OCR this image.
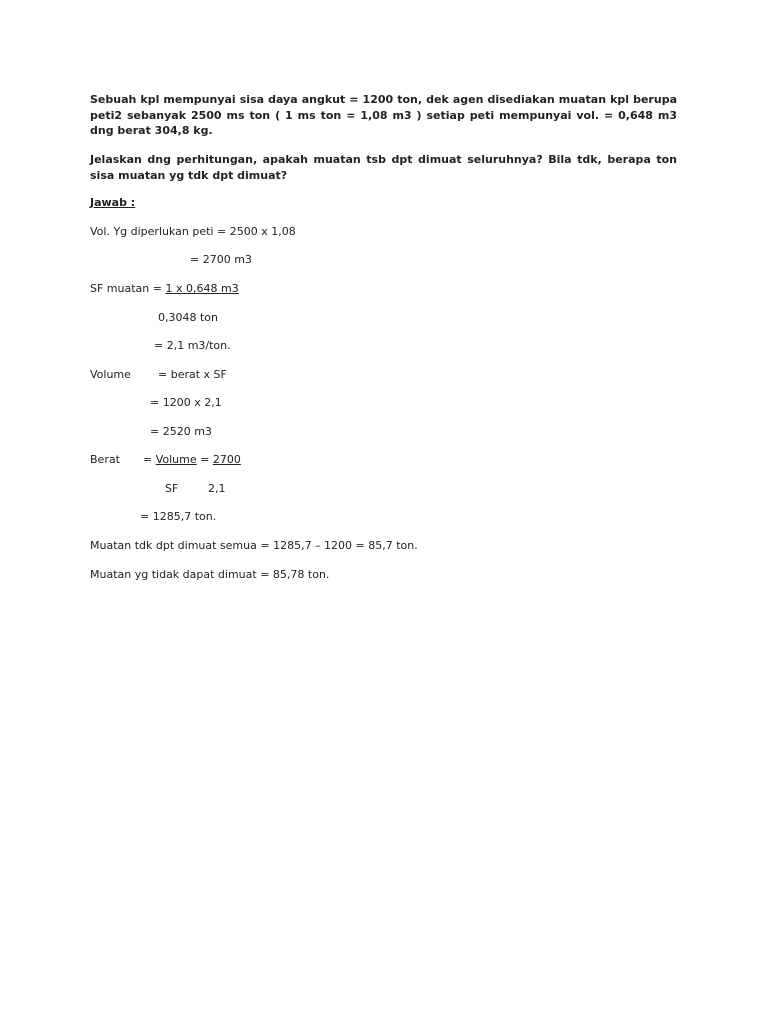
Sebuah kpl mempunyai sisa daya angkut = 1200 ton, dek agen disediakan muatan kpl berupa peti2 sebanyak 2500 ms ton ( 1 ms ton = 1,08 m3 ) setiap peti mempunyai vol. = 0,648 m3 dng berat 304,8 kg.
Jelaskan dng perhitungan, apakah muatan tsb dpt dimuat seluruhnya? Bila tdk, berapa ton sisa muatan yg tdk dpt dimuat?
Jawab :
Vol. Yg diperlukan peti = 2500 x 1,08
= 2700 m3
SF muatan = 1 x 0,648 m3
0,3048 ton
= 2,1 m3/ton.
Volume = berat x SF
= 1200 x 2,1
= 2520 m3
Berat = Volume = 2700
SF	2,1
= 1285,7 ton.
Muatan tdk dpt dimuat semua = 1285,7 – 1200 = 85,7 ton.
Muatan yg tidak dapat dimuat = 85,78 ton.
